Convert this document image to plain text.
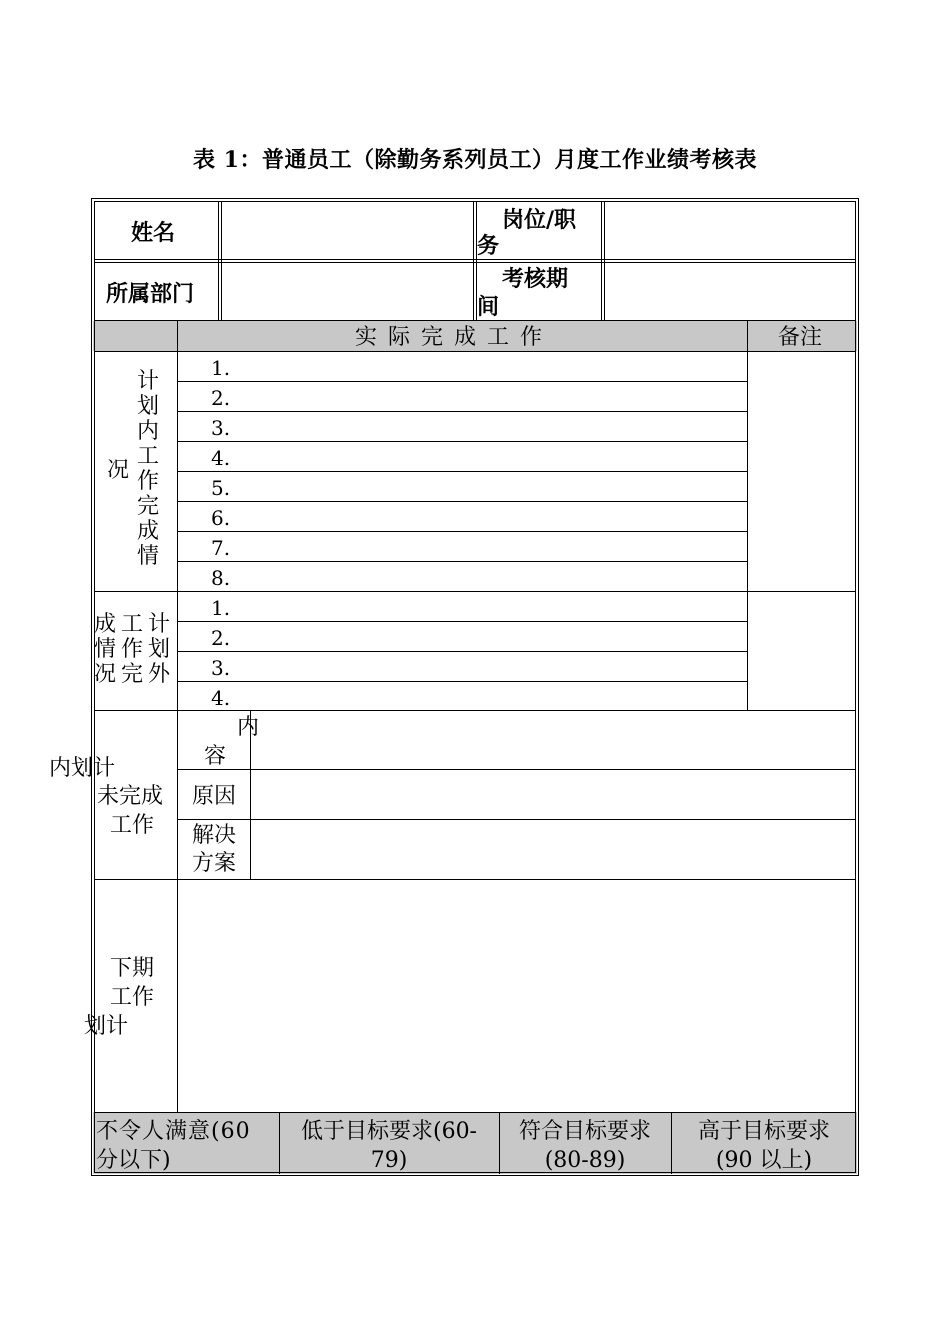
表 1：普通员工（除勤务系列员工）月度工作业绩考核表
姓名	岗位/职
务
所属部门
考核期
间
实 际 完 成 工 作	备注
计
划
内
工
作
完
成
情
况
1.
2.
3.
4.
5.
6.
7.
8.
成
情
况
工
作
完
计
划
外
1.
2.
3.
4.
计划内
未完成
工作
内
容
原因
解决
方案
下期
工作
计划
不令人满意(60
分以下)
低于目标要求(60-
79)
符合目标要求
(80-89)
高于目标要求
(90 以上)
